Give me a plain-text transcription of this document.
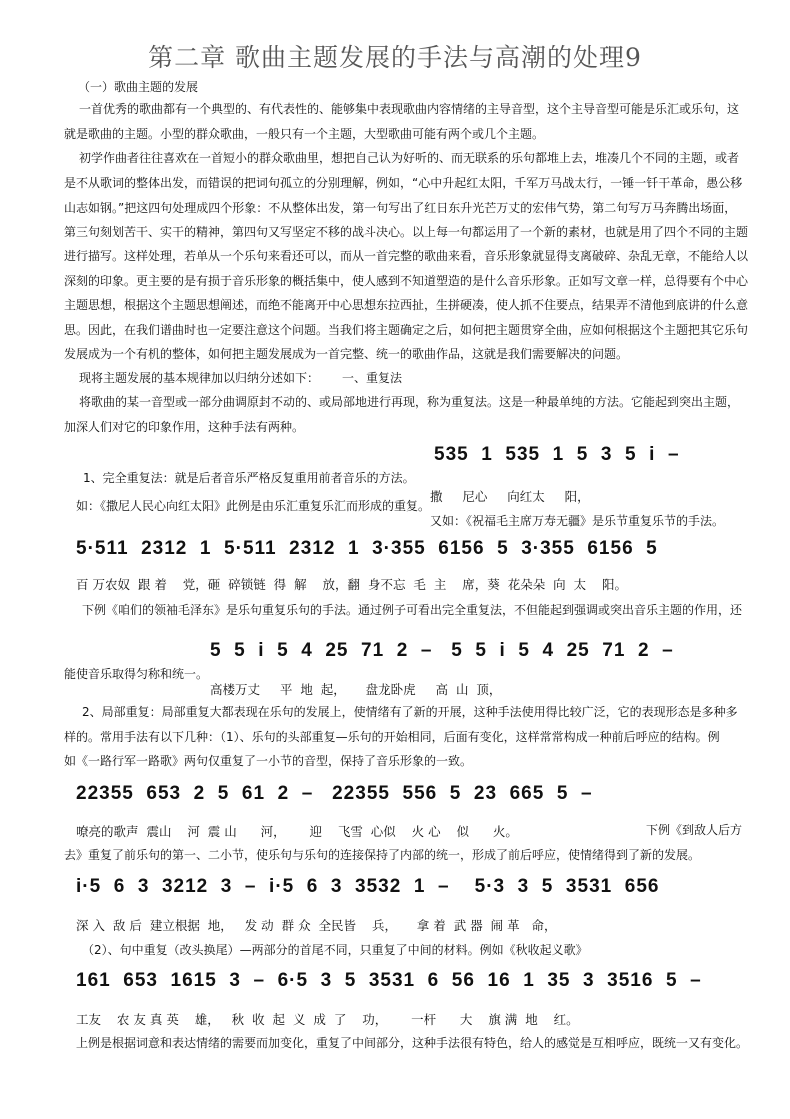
第二章 歌曲主题发展的手法与高潮的处理9
（一）歌曲主题的发展
一首优秀的歌曲都有一个典型的、有代表性的、能够集中表现歌曲内容情绪的主导音型，这个主导音型可能是乐汇或乐句，这
就是歌曲的主题。小型的群众歌曲，一般只有一个主题，大型歌曲可能有两个或几个主题。
初学作曲者往往喜欢在一首短小的群众歌曲里，想把自己认为好听的、而无联系的乐句都堆上去，堆凑几个不同的主题，或者
是不从歌词的整体出发，而错误的把词句孤立的分别理解，例如，“心中升起红太阳，千军万马战太行，一锤一钎干革命，愚公移
山志如钢。”把这四句处理成四个形象：不从整体出发，第一句写出了红日东升光芒万丈的宏伟气势，第二句写万马奔腾出场面，
第三句刻划苦干、实干的精神，第四句又写坚定不移的战斗决心。以上每一句都运用了一个新的素材，也就是用了四个不同的主题
进行描写。这样处理，若单从一个乐句来看还可以，而从一首完整的歌曲来看，音乐形象就显得支离破碎、杂乱无章，不能给人以
深刻的印象。更主要的是有损于音乐形象的概括集中，使人感到不知道塑造的是什么音乐形象。正如写文章一样，总得要有个中心
主题思想，根据这个主题思想阐述，而绝不能离开中心思想东拉西扯，生拼硬凑，使人抓不住要点，结果弄不清他到底讲的什么意
思。因此，在我们谱曲时也一定要注意这个问题。当我们将主题确定之后，如何把主题贯穿全曲，应如何根据这个主题把其它乐句
发展成为一个有机的整体，如何把主题发展成为一首完整、统一的歌曲作品，这就是我们需要解决的问题。
现将主题发展的基本规律加以归纳分述如下： 一、重复法
将歌曲的某一音型或一部分曲调原封不动的、或局部地进行再现，称为重复法。这是一种最单纯的方法。它能起到突出主题，
加深人们对它的印象作用，这种手法有两种。
535  1  535  1  5  3  5  i  –
撒     尼心     向红太     阳，
1、完全重复法：就是后者音乐严格反复重用前者音乐的方法。
如：《撒尼人民心向红太阳》此例是由乐汇重复乐汇而形成的重复。
又如：《祝福毛主席万寿无疆》是乐节重复乐节的手法。
5·511  2312  1  5·511  2312  1  3·355  6156  5  3·355  6156  5
百 万农奴  跟 着    党，砸  碎锁链  得  解    放，翻  身不忘  毛  主    席，葵  花朵朵  向  太    阳。
下例《咱们的领袖毛泽东》是乐句重复乐句的手法。通过例子可看出完全重复法，不但能起到强调或突出音乐主题的作用，还
5  5  i  5  4  25  71  2  –   5  5  i  5  4  25  71  2  –
能使音乐取得匀称和统一。
高楼万丈     平  地  起，     盘龙卧虎     高  山  顶，
2、局部重复：局部重复大都表现在乐句的发展上，使情绪有了新的开展，这种手法使用得比较广泛，它的表现形态是多种多
样的。常用手法有以下几种：（1）、乐句的头部重复—乐句的开始相同，后面有变化，这样常常构成一种前后呼应的结构。例
如《一路行军一路歌》两句仅重复了一小节的音型，保持了音乐形象的一致。
22355  653  2  5  61  2  –   22355  556  5  23  665  5  –
嘹亮的歌声  震山    河  震 山      河，      迎    飞雪  心似    火 心    似      火。	下例《到敌人后方
去》重复了前乐句的第一、二小节，使乐句与乐句的连接保持了内部的统一，形成了前后呼应，使情绪得到了新的发展。
i·5  6  3  3212  3  –  i·5  6  3  3532  1  –    5·3  3  5  3531  656
深 入  敌 后  建立根据  地，   发 动  群 众  全民皆    兵，     拿 着  武 器  闹 革   命，
（2）、句中重复（改头换尾）—两部分的首尾不同，只重复了中间的材料。例如《秋收起义歌》
161  653  1615  3  –  6·5  3  5  3531  6  56  16  1  35  3  3516  5  –
工友    农 友 真 英    雄，   秋  收  起  义  成  了    功，      一杆      大    旗 满  地    红。
上例是根据词意和表达情绪的需要而加变化，重复了中间部分，这种手法很有特色，给人的感觉是互相呼应，既统一又有变化。
